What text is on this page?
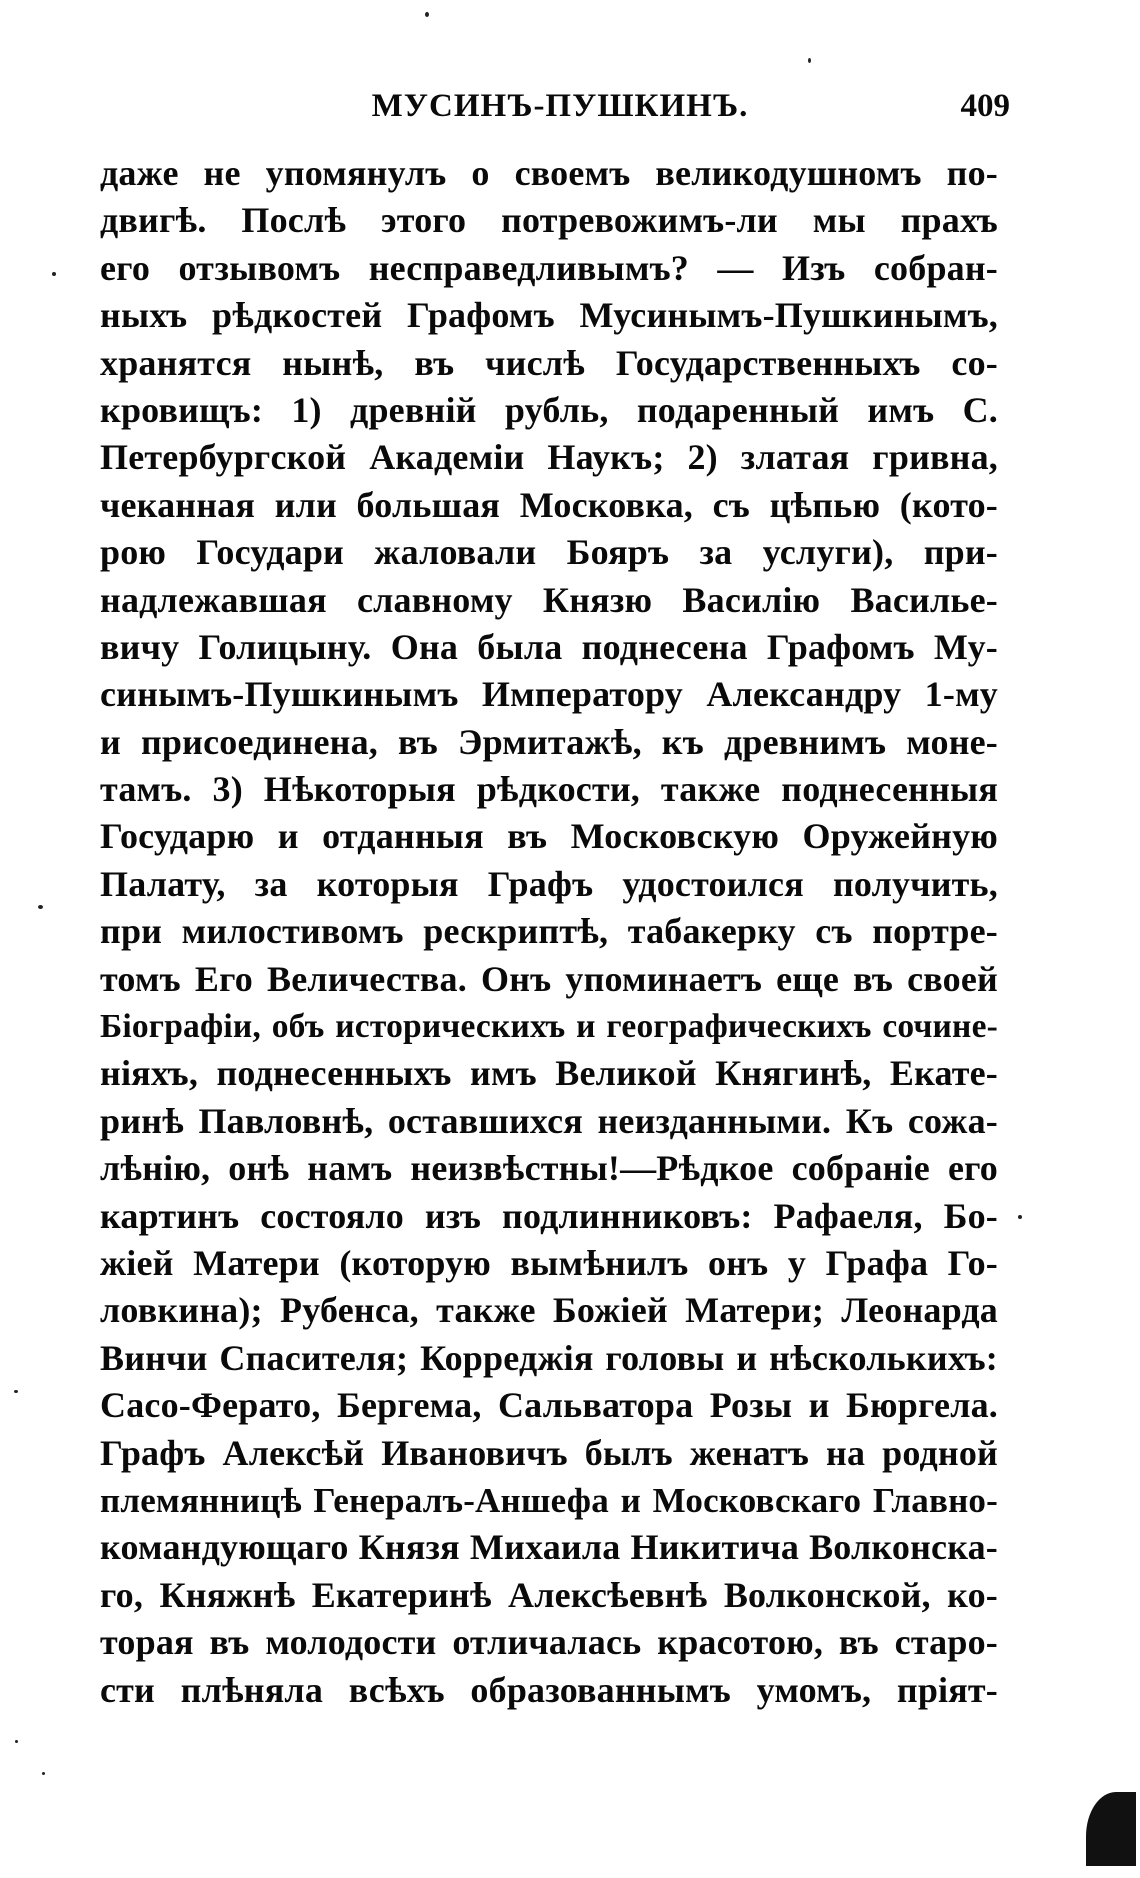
МУСИНЪ-ПУШКИНЪ.	409
даже не упомянулъ о своемъ великодушномъ по-
двигѣ. Послѣ этого потревожимъ-ли мы прахъ
его отзывомъ несправедливымъ? — Изъ собран-
ныхъ рѣдкостей Графомъ Мусинымъ-Пушкинымъ,
хранятся нынѣ, въ числѣ Государственныхъ со-
кровищъ: 1) древній рубль, подаренный имъ С.
Петербургской Академіи Наукъ; 2) златая гривна,
чеканная или большая Московка, съ цѣпью (кото-
рою Государи жаловали Бояръ за услуги), при-
надлежавшая славному Князю Василію Василье-
вичу Голицыну. Она была поднесена Графомъ Му-
синымъ-Пушкинымъ Императору Александру 1-му
и присоединена, въ Эрмитажѣ, къ древнимъ моне-
тамъ. 3) Нѣкоторыя рѣдкости, также поднесенныя
Государю и отданныя въ Московскую Оружейную
Палату, за которыя Графъ удостоился получить,
при милостивомъ рескриптѣ, табакерку съ портре-
томъ Его Величества. Онъ упоминаетъ еще въ своей
Біографіи, объ историческихъ и географическихъ сочине-
ніяхъ, поднесенныхъ имъ Великой Княгинѣ, Екате-
ринѣ Павловнѣ, оставшихся неизданными. Къ сожа-
лѣнію, онѣ намъ неизвѣстны!—Рѣдкое собраніе его
картинъ состояло изъ подлинниковъ: Рафаеля, Бо-
жіей Матери (которую вымѣнилъ онъ у Графа Го-
ловкина); Рубенса, также Божіей Матери; Леонарда
Винчи Спасителя; Корреджія головы и нѣсколькихъ:
Сасо-Ферато, Бергема, Сальватора Розы и Бюргела.
Графъ Алексѣй Ивановичъ былъ женатъ на родной
племянницѣ Генералъ-Аншефа и Московскаго Главно-
командующаго Князя Михаила Никитича Волконска-
го, Княжнѣ Екатеринѣ Алексѣевнѣ Волконской, ко-
торая въ молодости отличалась красотою, въ старо-
сти плѣняла всѣхъ образованнымъ умомъ, пріят-
